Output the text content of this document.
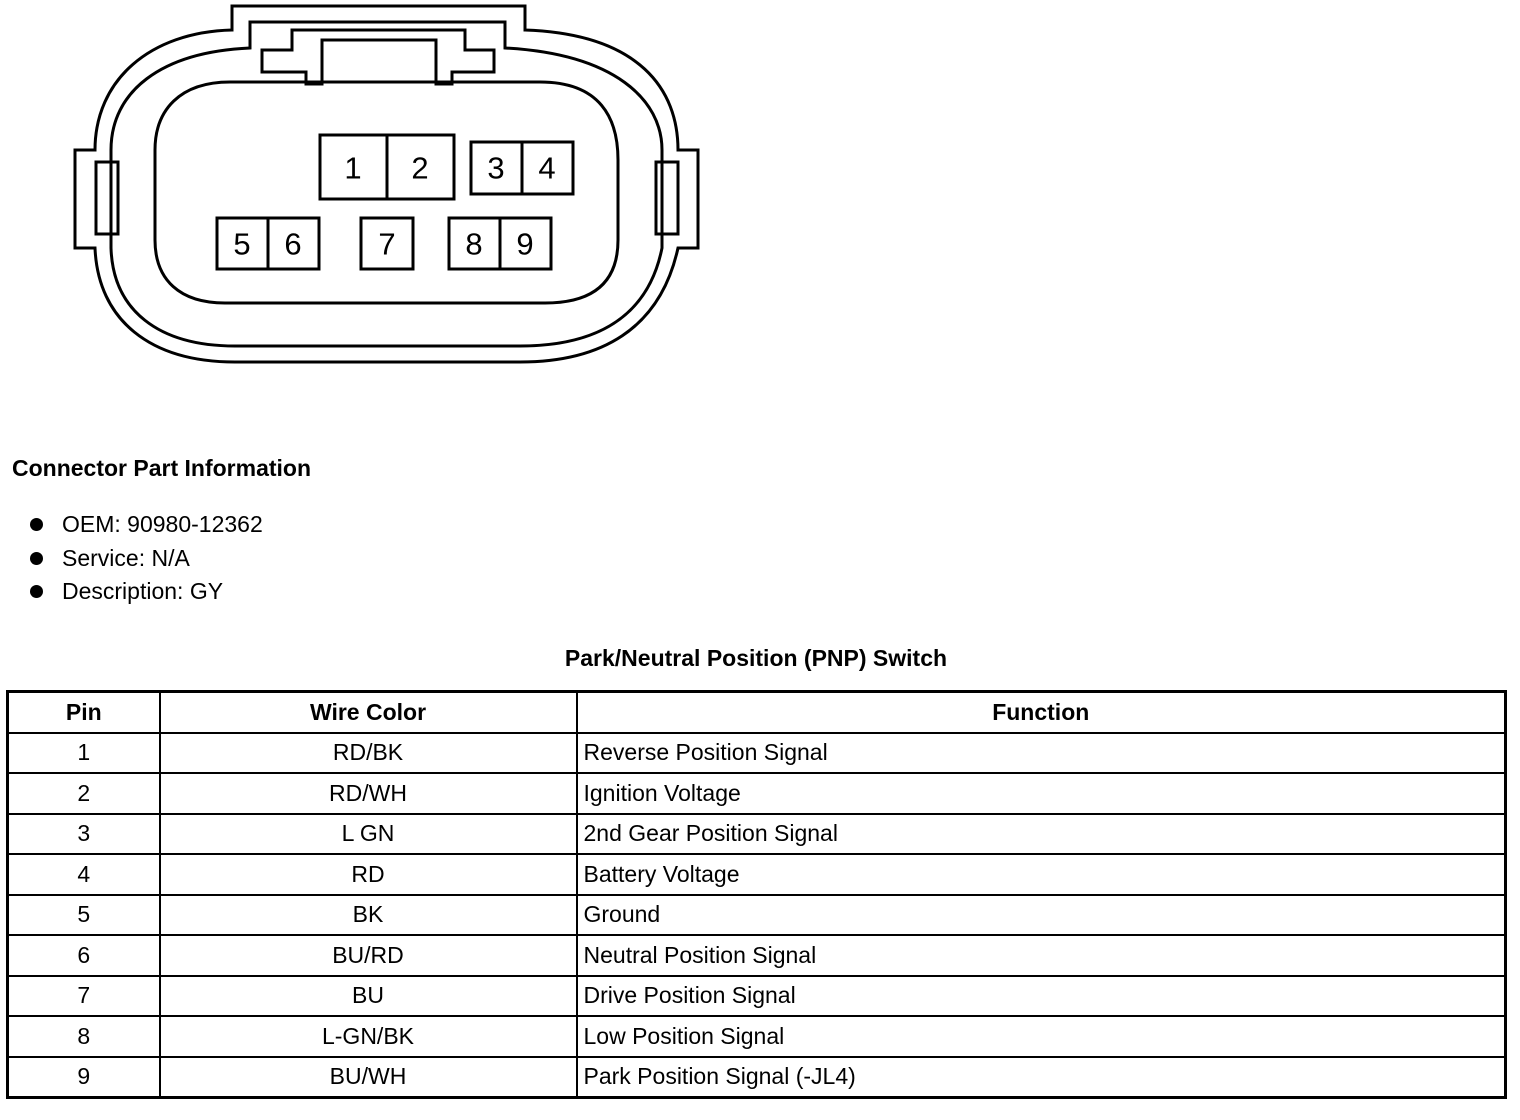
1 2 3 4
5 6 7 8 9
Connector Part Information
OEM: 90980-12362
Service: N/A
Description: GY
Park/Neutral Position (PNP) Switch
Pin	Wire Color	Function
1	RD/BK	Reverse Position Signal
2	RD/WH	Ignition Voltage
3	L GN	2nd Gear Position Signal
4	RD	Battery Voltage
5	BK	Ground
6	BU/RD	Neutral Position Signal
7	BU	Drive Position Signal
8	L-GN/BK	Low Position Signal
9	BU/WH	Park Position Signal (-JL4)
